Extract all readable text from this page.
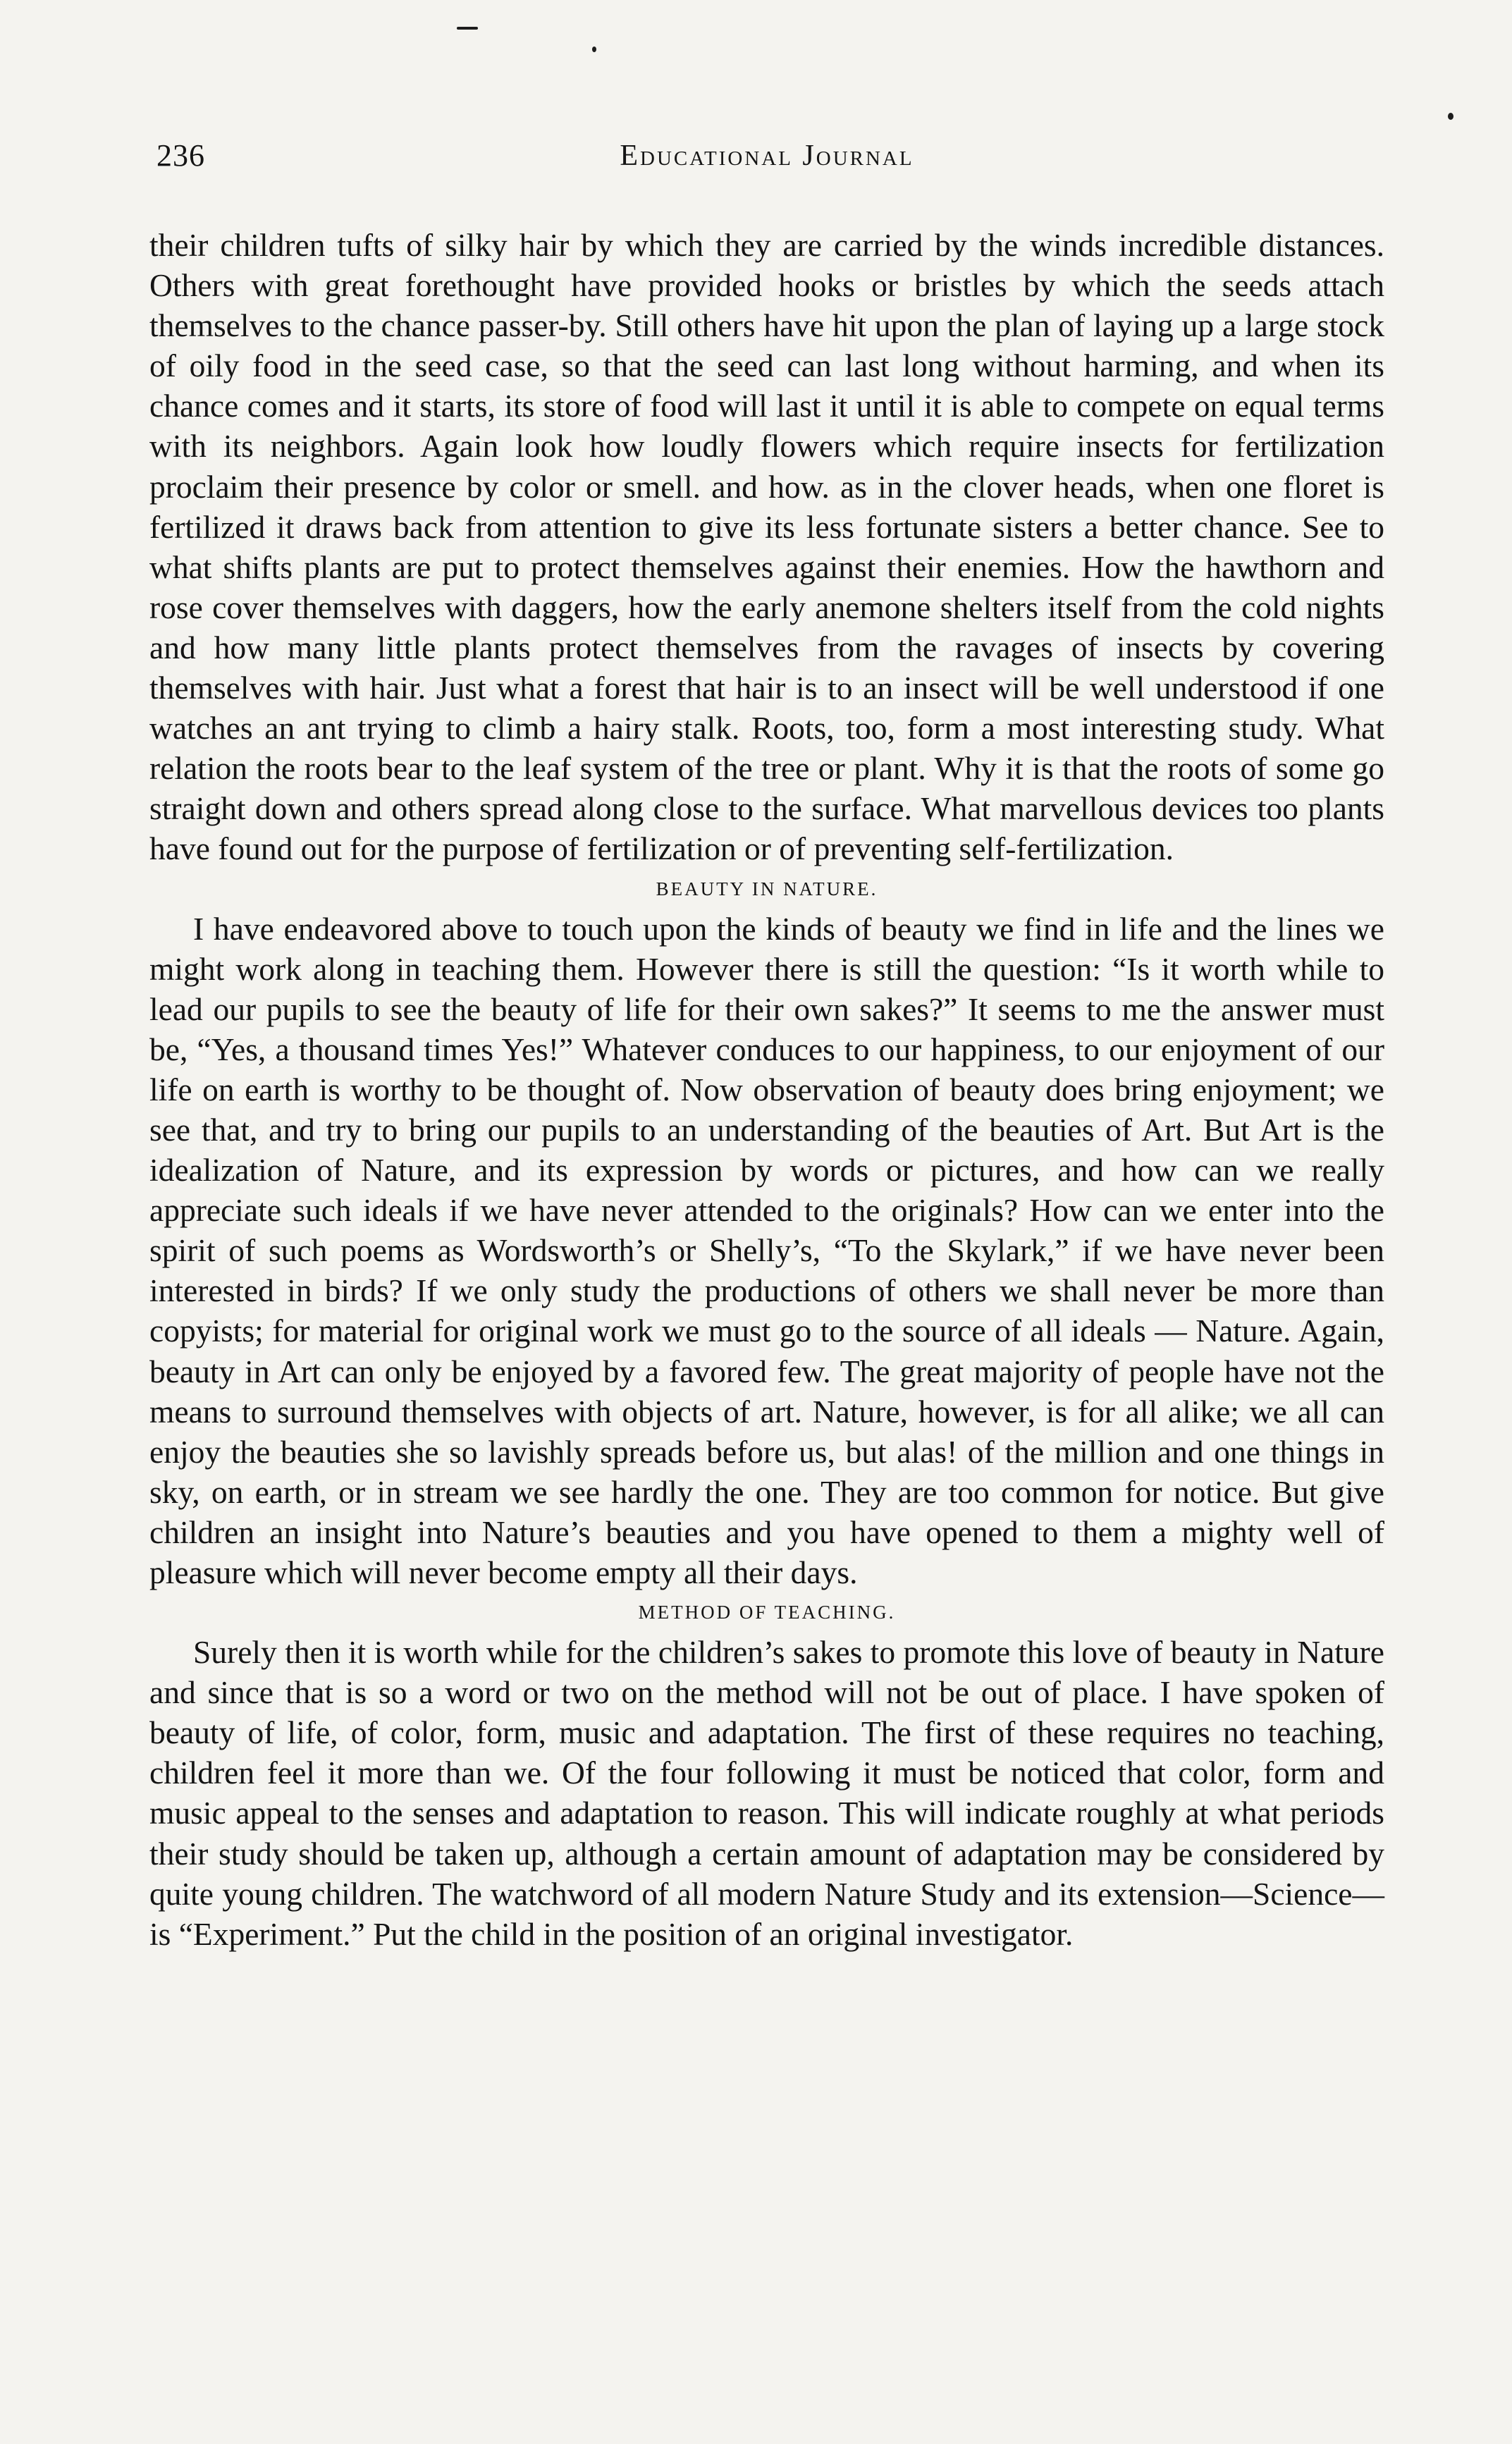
236	Educational Journal

their children tufts of silky hair by which they are carried by the winds incredible distances. Others with great forethought have provided hooks or bristles by which the seeds attach themselves to the chance passer-by. Still others have hit upon the plan of laying up a large stock of oily food in the seed case, so that the seed can last long without harming, and when its chance comes and it starts, its store of food will last it until it is able to compete on equal terms with its neighbors. Again look how loudly flowers which require insects for fertilization proclaim their presence by color or smell. and how. as in the clover heads, when one floret is fertilized it draws back from attention to give its less fortunate sisters a better chance. See to what shifts plants are put to protect themselves against their enemies. How the hawthorn and rose cover themselves with daggers, how the early anemone shelters itself from the cold nights and how many little plants protect themselves from the ravages of insects by covering themselves with hair. Just what a forest that hair is to an insect will be well understood if one watches an ant trying to climb a hairy stalk. Roots, too, form a most interesting study. What relation the roots bear to the leaf system of the tree or plant. Why it is that the roots of some go straight down and others spread along close to the surface. What marvellous devices too plants have found out for the purpose of fertilization or of preventing self-fertilization.

BEAUTY IN NATURE.

I have endeavored above to touch upon the kinds of beauty we find in life and the lines we might work along in teaching them. However there is still the question: “Is it worth while to lead our pupils to see the beauty of life for their own sakes?” It seems to me the answer must be, “Yes, a thousand times Yes!” Whatever conduces to our happiness, to our enjoyment of our life on earth is worthy to be thought of. Now observation of beauty does bring enjoyment; we see that, and try to bring our pupils to an understanding of the beauties of Art. But Art is the idealization of Nature, and its expression by words or pictures, and how can we really appreciate such ideals if we have never attended to the originals? How can we enter into the spirit of such poems as Wordsworth’s or Shelly’s, “To the Skylark,” if we have never been interested in birds? If we only study the productions of others we shall never be more than copyists; for material for original work we must go to the source of all ideals — Nature. Again, beauty in Art can only be enjoyed by a favored few. The great majority of people have not the means to surround themselves with objects of art. Nature, however, is for all alike; we all can enjoy the beauties she so lavishly spreads before us, but alas! of the million and one things in sky, on earth, or in stream we see hardly the one. They are too common for notice. But give children an insight into Nature’s beauties and you have opened to them a mighty well of pleasure which will never become empty all their days.

METHOD OF TEACHING.

Surely then it is worth while for the children’s sakes to promote this love of beauty in Nature and since that is so a word or two on the method will not be out of place. I have spoken of beauty of life, of color, form, music and adaptation. The first of these requires no teaching, children feel it more than we. Of the four following it must be noticed that color, form and music appeal to the senses and adaptation to reason. This will indicate roughly at what periods their study should be taken up, although a certain amount of adaptation may be considered by quite young children. The watchword of all modern Nature Study and its extension—Science—is “Experiment.” Put the child in the position of an original investigator.
